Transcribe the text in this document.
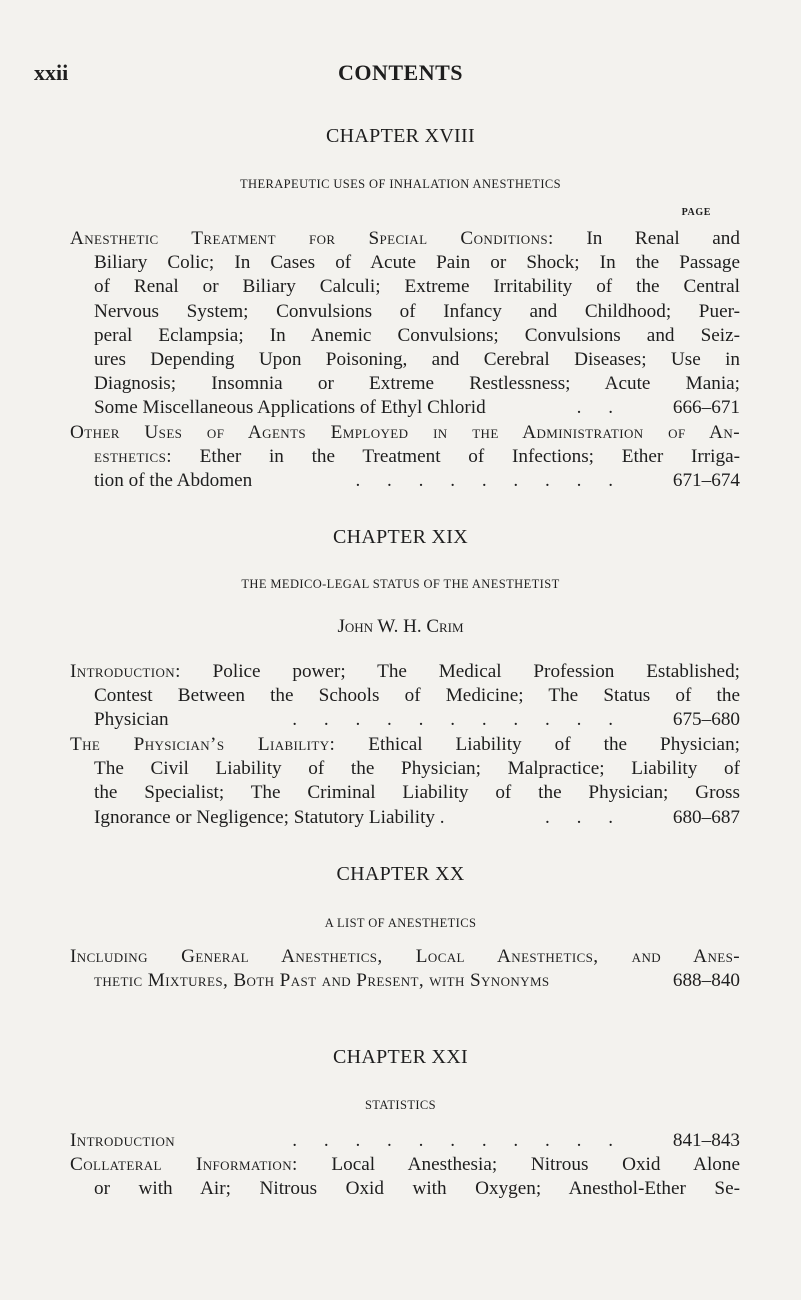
xxii	CONTENTS
CHAPTER XVIII
THERAPEUTIC USES OF INHALATION ANESTHETICS
PAGE
Anesthetic Treatment for Special Conditions: In Renal and
Biliary Colic; In Cases of Acute Pain or Shock; In the Passage
of Renal or Biliary Calculi; Extreme Irritability of the Central
Nervous System; Convulsions of Infancy and Childhood; Puer-
peral Eclampsia; In Anemic Convulsions; Convulsions and Seiz-
ures Depending Upon Poisoning, and Cerebral Diseases; Use in
Diagnosis; Insomnia or Extreme Restlessness; Acute Mania;
Some Miscellaneous Applications of Ethyl Chlorid	. .	666–671
Other Uses of Agents Employed in the Administration of An-
esthetics: Ether in the Treatment of Infections; Ether Irriga-
tion of the Abdomen	. . . . . . . . .	671–674
CHAPTER XIX
THE MEDICO-LEGAL STATUS OF THE ANESTHETIST
John W. H. Crim
Introduction: Police power; The Medical Profession Established;
Contest Between the Schools of Medicine; The Status of the
Physician	. . . . . . . . . . .	675–680
The Physician’s Liability: Ethical Liability of the Physician;
The Civil Liability of the Physician; Malpractice; Liability of
the Specialist; The Criminal Liability of the Physician; Gross
Ignorance or Negligence; Statutory Liability .	. . .	680–687
CHAPTER XX
A LIST OF ANESTHETICS
Including General Anesthetics, Local Anesthetics, and Anes-
thetic Mixtures, Both Past and Present, with Synonyms	688–840
CHAPTER XXI
STATISTICS
Introduction	. . . . . . . . . . .	841–843
Collateral Information: Local Anesthesia; Nitrous Oxid Alone
or with Air; Nitrous Oxid with Oxygen; Anesthol-Ether Se-
